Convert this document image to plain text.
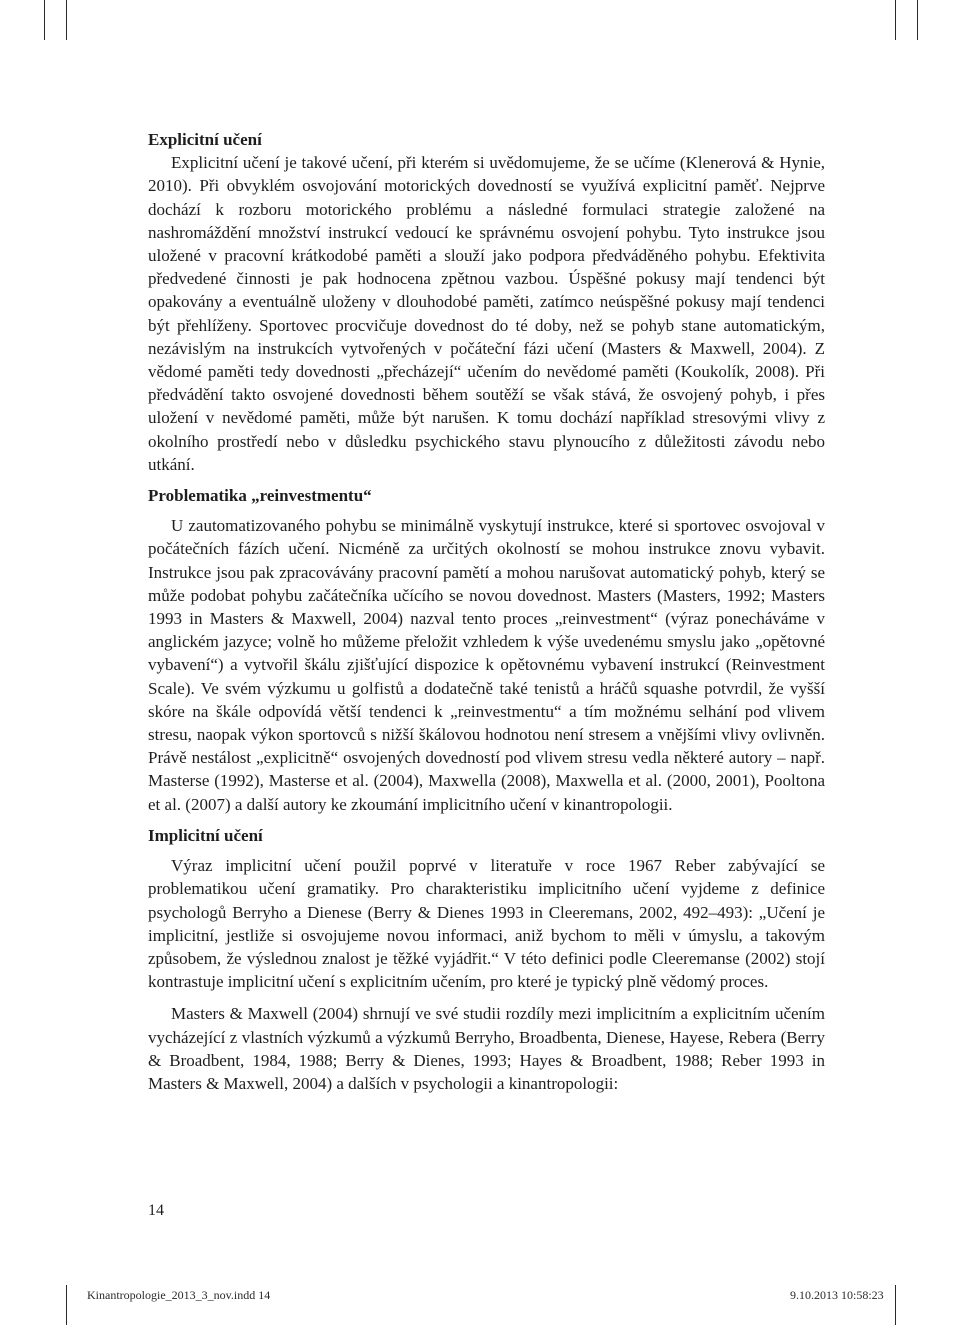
Explicitní učení

Explicitní učení je takové učení, při kterém si uvědomujeme, že se učíme (Klenerová & Hynie, 2010). Při obvyklém osvojování motorických dovedností se využívá explicitní paměť. Nejprve dochází k rozboru motorického problému a následné formulaci strategie založené na nashromáždění množství instrukcí vedoucí ke správnému osvojení pohybu. Tyto instrukce jsou uložené v pracovní krátkodobé paměti a slouží jako podpora předváděného pohybu. Efektivita předvedené činnosti je pak hodnocena zpětnou vazbou. Úspěšné pokusy mají tendenci být opakovány a eventuálně uloženy v dlouhodobé paměti, zatímco neúspěšné pokusy mají tendenci být přehlíženy. Sportovec procvičuje dovednost do té doby, než se pohyb stane automatickým, nezávislým na instrukcích vytvořených v počáteční fázi učení (Masters & Maxwell, 2004). Z vědomé paměti tedy dovednosti „přecházejí“ učením do nevědomé paměti (Koukolík, 2008). Při předvádění takto osvojené dovednosti během soutěží se však stává, že osvojený pohyb, i přes uložení v nevědomé paměti, může být narušen. K tomu dochází například stresovými vlivy z okolního prostředí nebo v důsledku psychického stavu plynoucího z důležitosti závodu nebo utkání.

Problematika „reinvestmentu“

U zautomatizovaného pohybu se minimálně vyskytují instrukce, které si sportovec osvojoval v počátečních fázích učení. Nicméně za určitých okolností se mohou instrukce znovu vybavit. Instrukce jsou pak zpracovávány pracovní pamětí a mohou narušovat automatický pohyb, který se může podobat pohybu začátečníka učícího se novou dovednost. Masters (Masters, 1992; Masters 1993 in Masters & Maxwell, 2004) nazval tento proces „reinvestment“ (výraz ponecháváme v anglickém jazyce; volně ho můžeme přeložit vzhledem k výše uvedenému smyslu jako „opětovné vybavení“) a vytvořil škálu zjišťující dispozice k opětovnému vybavení instrukcí (Reinvestment Scale). Ve svém výzkumu u golfistů a dodatečně také tenistů a hráčů squashe potvrdil, že vyšší skóre na škále odpovídá větší tendenci k „reinvestmentu“ a tím možnému selhání pod vlivem stresu, naopak výkon sportovců s nižší škálovou hodnotou není stresem a vnějšími vlivy ovlivněn. Právě nestálost „explicitně“ osvojených dovedností pod vlivem stresu vedla některé autory – např. Masterse (1992), Masterse et al. (2004), Maxwella (2008), Maxwella et al. (2000, 2001), Pooltona et al. (2007) a další autory ke zkoumání implicitního učení v kinantropologii.

Implicitní učení

Výraz implicitní učení použil poprvé v literatuře v roce 1967 Reber zabývající se problematikou učení gramatiky. Pro charakteristiku implicitního učení vyjdeme z definice psychologů Berryho a Dienese (Berry & Dienes 1993 in Cleeremans, 2002, 492–493): „Učení je implicitní, jestliže si osvojujeme novou informaci, aniž bychom to měli v úmyslu, a takovým způsobem, že výslednou znalost je těžké vyjádřit.“ V této definici podle Cleeremanse (2002) stojí kontrastuje implicitní učení s explicitním učením, pro které je typický plně vědomý proces.

Masters & Maxwell (2004) shrnují ve své studii rozdíly mezi implicitním a explicitním učením vycházející z vlastních výzkumů a výzkumů Berryho, Broadbenta, Dienese, Hayese, Rebera (Berry & Broadbent, 1984, 1988; Berry & Dienes, 1993; Hayes & Broadbent, 1988; Reber 1993 in Masters & Maxwell, 2004) a dalších v psychologii a kinantropologii:

14

Kinantropologie_2013_3_nov.indd 14	9.10.2013 10:58:23
